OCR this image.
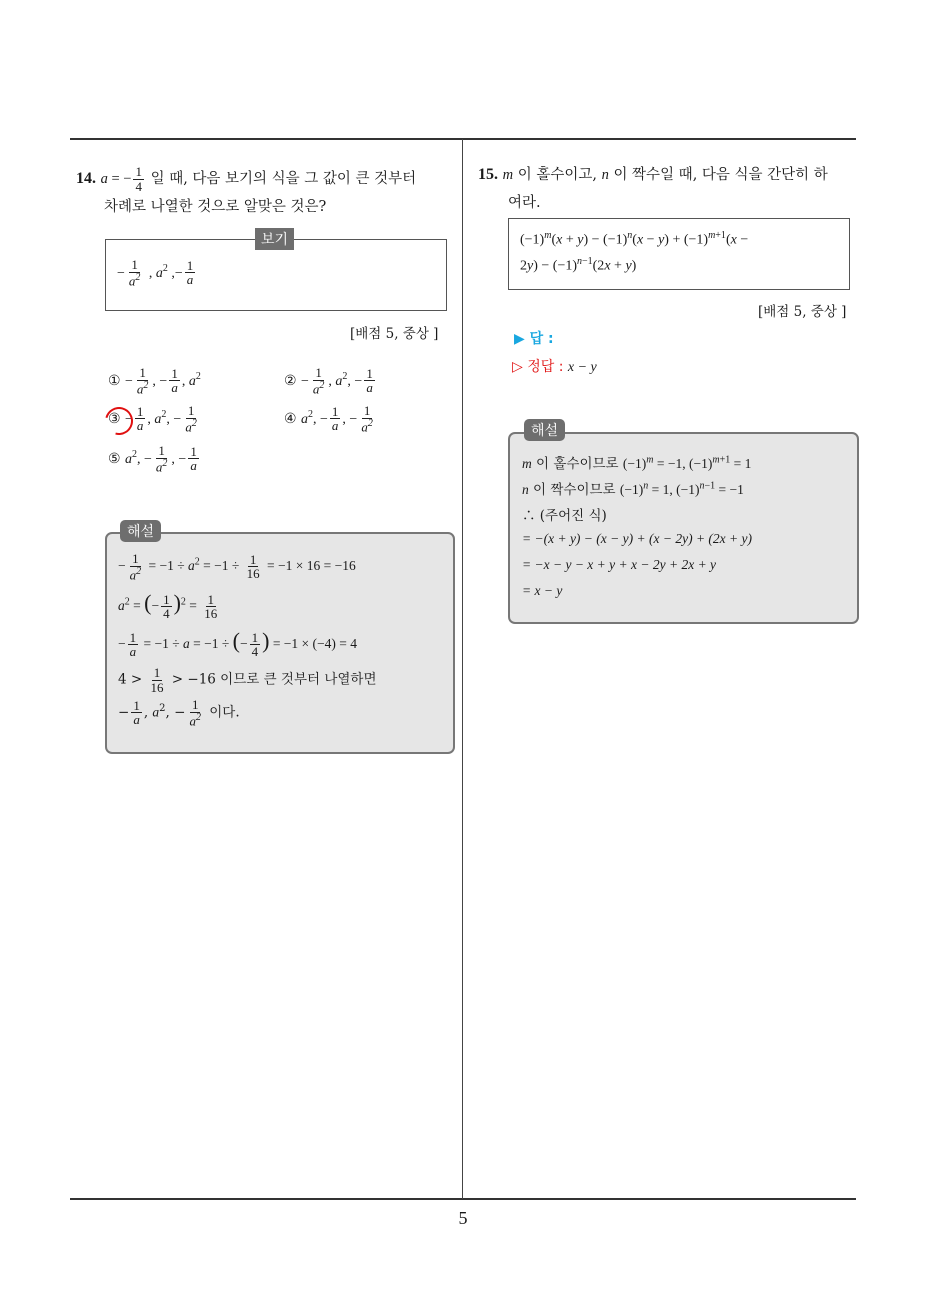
5
14. a = − $\frac{1}{4}$ 일 때, 다음 보기의 식을 그 값이 큰 것부터
차례로 나열한 것으로 알맞은 것은?
보기
− $\frac{1}{a^2}$ , $a^2$ ,− $\frac{1}{a}$
[배점 5, 중상 ]
① − $\frac{1}{a^2}$ , − $\frac{1}{a}$ , $a^2$	② − $\frac{1}{a^2}$ , $a^2$, − $\frac{1}{a}$
③ − $\frac{1}{a}$ , $a^2$, − $\frac{1}{a^2}$	④ $a^2$, − $\frac{1}{a}$ , − $\frac{1}{a^2}$
⑤ $a^2$, − $\frac{1}{a^2}$ , − $\frac{1}{a}$
해설
− $\frac{1}{a^2} = -1 \div a^2 = -1 \div \frac{1}{16} = -1 \times 16 = -16$
$a^2$ = (− $\frac{1}{4} )^2 = \frac{1}{16}$
− $\frac{1}{a} = -1 \div a = -1$ ÷ (− $\frac{1}{4}$ ) = −1 × (−4) = 4
$4 > \frac{1}{16} > -16$ 이므로 큰 것부터 나열하면
− $\frac{1}{a}$ , $a^2$, − $\frac{1}{a^2}$ 이다.
15. m 이 홀수이고, n 이 짝수일 때, 다음 식을 간단히 하
여라.
$(-1)^m(x + y) - (-1)^n(x - y) + (-1)^{m+1}(x$ −
$2y) - (-1)^{n-1}(2x + y)$
[배점 5, 중상 ]
▶ 답 :
▷ 정답 : x − y
해설
m 이 홀수이므로 $(-1)^m = -1$, $(-1)^{m+1} = 1$
n 이 짝수이므로 $(-1)^n = 1$, $(-1)^{n-1} = -1$
∴ (주어진 식)
= −(x + y) − (x − y) + (x − 2y) + (2x + y)
= −x − y − x + y + x − 2y + 2x + y
= x − y
